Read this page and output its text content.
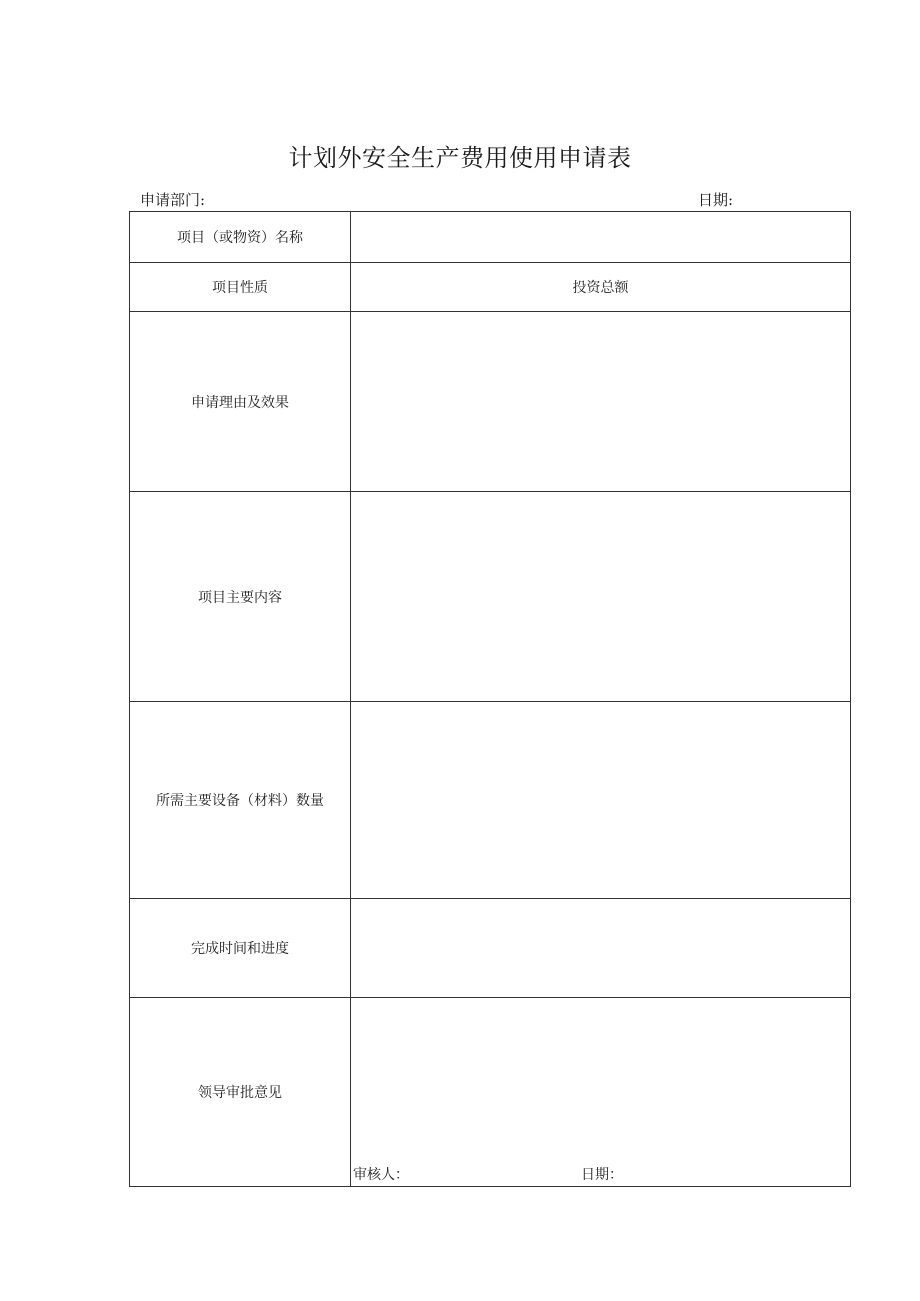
计划外安全生产费用使用申请表
申请部门:	日期:
项目（或物资）名称	
项目性质	投资总额
申请理由及效果	
项目主要内容	
所需主要设备（材料）数量	
完成时间和进度	
领导审批意见	审核人： 日期：
